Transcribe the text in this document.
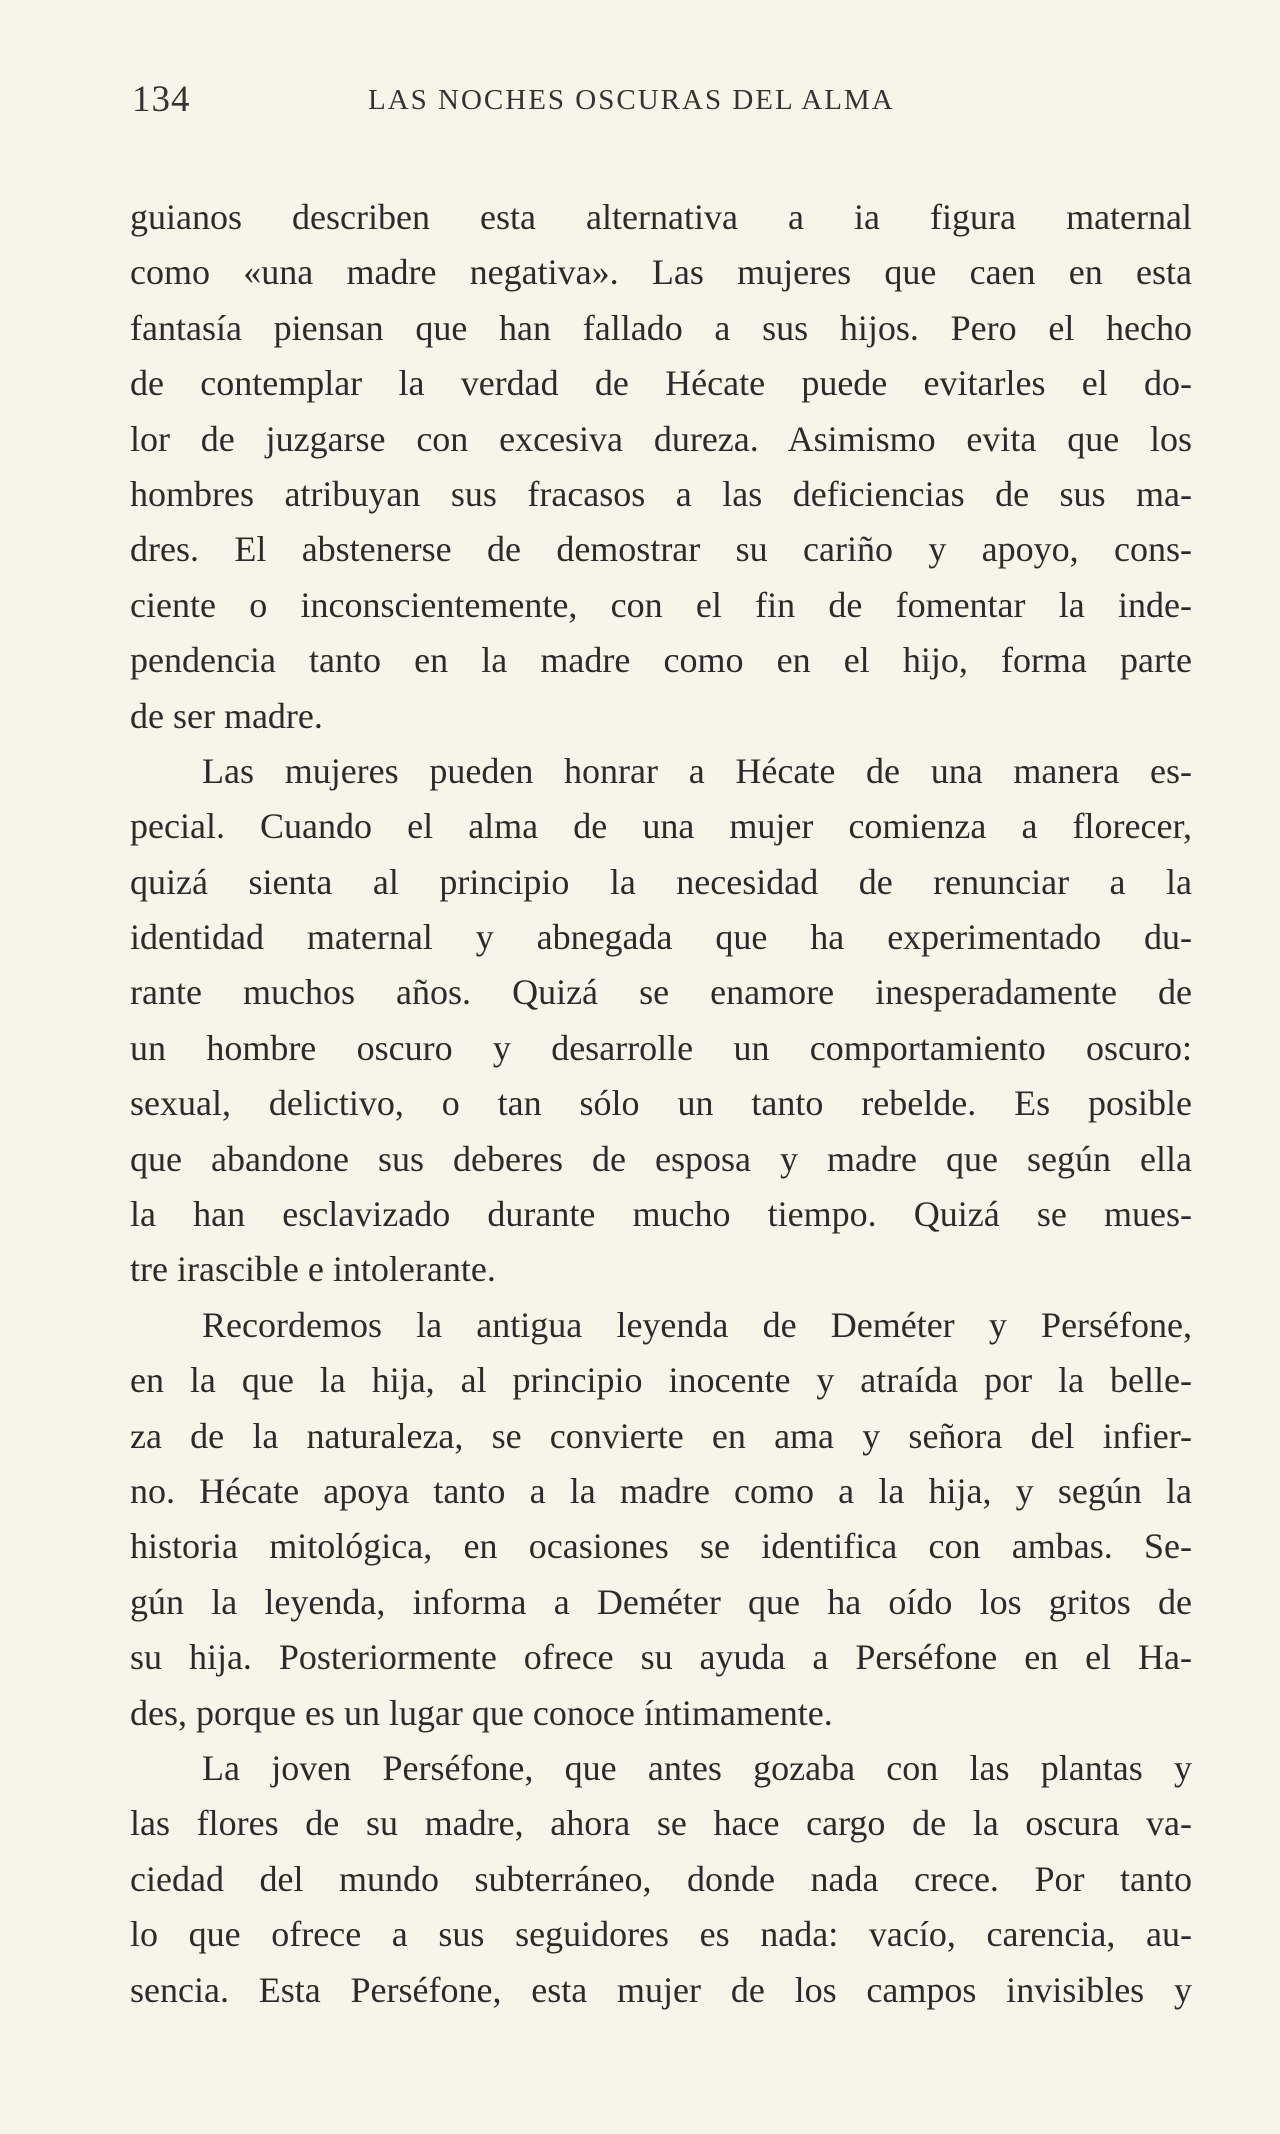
134	LAS NOCHES OSCURAS DEL ALMA
guianos describen esta alternativa a ia figura maternal
como «una madre negativa». Las mujeres que caen en esta
fantasía piensan que han fallado a sus hijos. Pero el hecho
de contemplar la verdad de Hécate puede evitarles el do-
lor de juzgarse con excesiva dureza. Asimismo evita que los
hombres atribuyan sus fracasos a las deficiencias de sus ma-
dres. El abstenerse de demostrar su cariño y apoyo, cons-
ciente o inconscientemente, con el fin de fomentar la inde-
pendencia tanto en la madre como en el hijo, forma parte
de ser madre.
Las mujeres pueden honrar a Hécate de una manera es-
pecial. Cuando el alma de una mujer comienza a florecer,
quizá sienta al principio la necesidad de renunciar a la
identidad maternal y abnegada que ha experimentado du-
rante muchos años. Quizá se enamore inesperadamente de
un hombre oscuro y desarrolle un comportamiento oscuro:
sexual, delictivo, o tan sólo un tanto rebelde. Es posible
que abandone sus deberes de esposa y madre que según ella
la han esclavizado durante mucho tiempo. Quizá se mues-
tre irascible e intolerante.
Recordemos la antigua leyenda de Deméter y Perséfone,
en la que la hija, al principio inocente y atraída por la belle-
za de la naturaleza, se convierte en ama y señora del infier-
no. Hécate apoya tanto a la madre como a la hija, y según la
historia mitológica, en ocasiones se identifica con ambas. Se-
gún la leyenda, informa a Deméter que ha oído los gritos de
su hija. Posteriormente ofrece su ayuda a Perséfone en el Ha-
des, porque es un lugar que conoce íntimamente.
La joven Perséfone, que antes gozaba con las plantas y
las flores de su madre, ahora se hace cargo de la oscura va-
ciedad del mundo subterráneo, donde nada crece. Por tanto
lo que ofrece a sus seguidores es nada: vacío, carencia, au-
sencia. Esta Perséfone, esta mujer de los campos invisibles y
